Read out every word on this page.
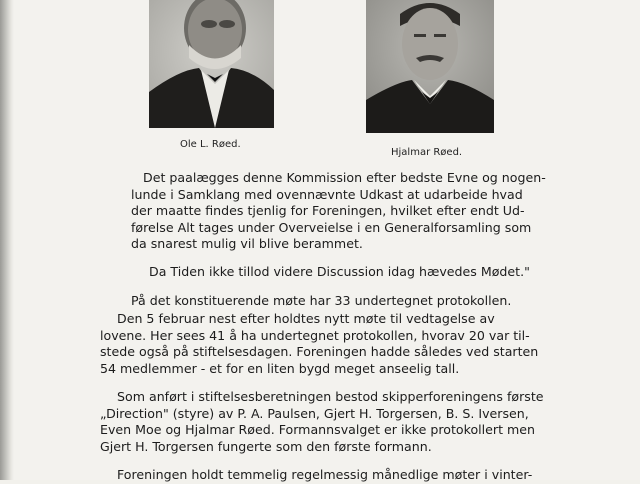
Ole L. Røed.
Hjalmar Røed.
Det paalægges denne Kommission efter bedste Evne og nogen-
lunde i Samklang med ovennævnte Udkast at udarbeide hvad
der maatte findes tjenlig for Foreningen, hvilket efter endt Ud-
førelse Alt tages under Overveielse i en Generalforsamling som
da snarest mulig vil blive berammet.
Da Tiden ikke tillod videre Discussion idag hævedes Mødet."
På det konstituerende møte har 33 undertegnet protokollen.
Den 5 februar nest efter holdtes nytt møte til vedtagelse av
lovene. Her sees 41 å ha undertegnet protokollen, hvorav 20 var til-
stede også på stiftelsesdagen. Foreningen hadde således ved starten
54 medlemmer - et for en liten bygd meget anseelig tall.
Som anført i stiftelsesberetningen bestod skipperforeningens første
„Direction" (styre) av P. A. Paulsen, Gjert H. Torgersen, B. S. Iversen,
Even Moe og Hjalmar Røed. Formannsvalget er ikke protokollert men
Gjert H. Torgersen fungerte som den første formann.
Foreningen holdt temmelig regelmessig månedlige møter i vinter-
